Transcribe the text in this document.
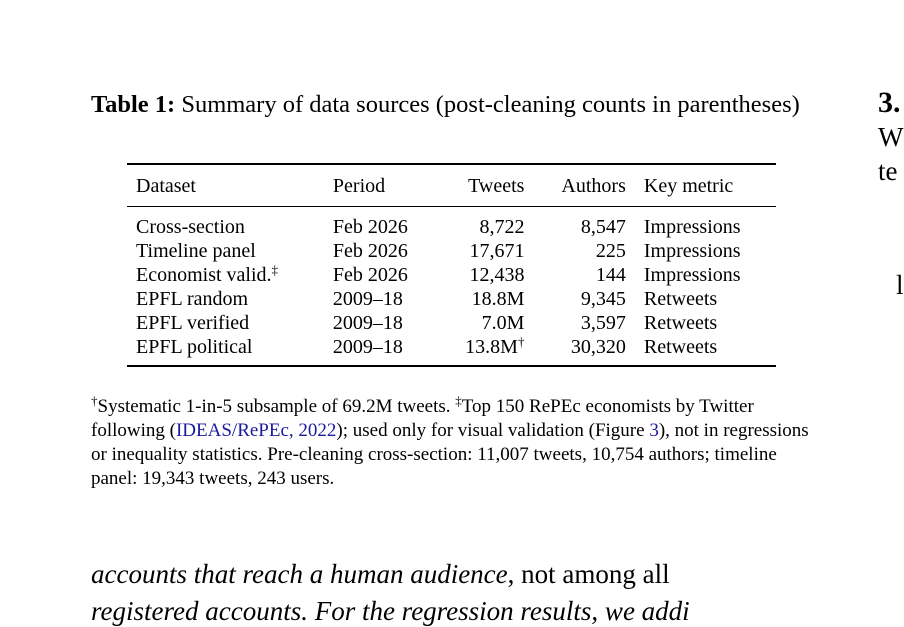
Table 1: Summary of data sources (post-cleaning counts in parentheses)
Dataset	Period	Tweets	Authors	Key metric
Cross-section	Feb 2026	8,722	8,547	Impressions
Timeline panel	Feb 2026	17,671	225	Impressions
Economist valid.‡	Feb 2026	12,438	144	Impressions
EPFL random	2009–18	18.8M	9,345	Retweets
EPFL verified	2009–18	7.0M	3,597	Retweets
EPFL political	2009–18	13.8M†	30,320	Retweets
†Systematic 1-in-5 subsample of 69.2M tweets. ‡Top 150 RePEc economists by Twitter following (IDEAS/RePEc, 2022); used only for visual validation (Figure 3), not in regressions or inequality statistics. Pre-cleaning cross-section: 11,007 tweets, 10,754 authors; timeline panel: 19,343 tweets, 243 users.
accounts that reach a human audience, not among all
registered accounts. For the regression results, we addi
3.
W
te
l
